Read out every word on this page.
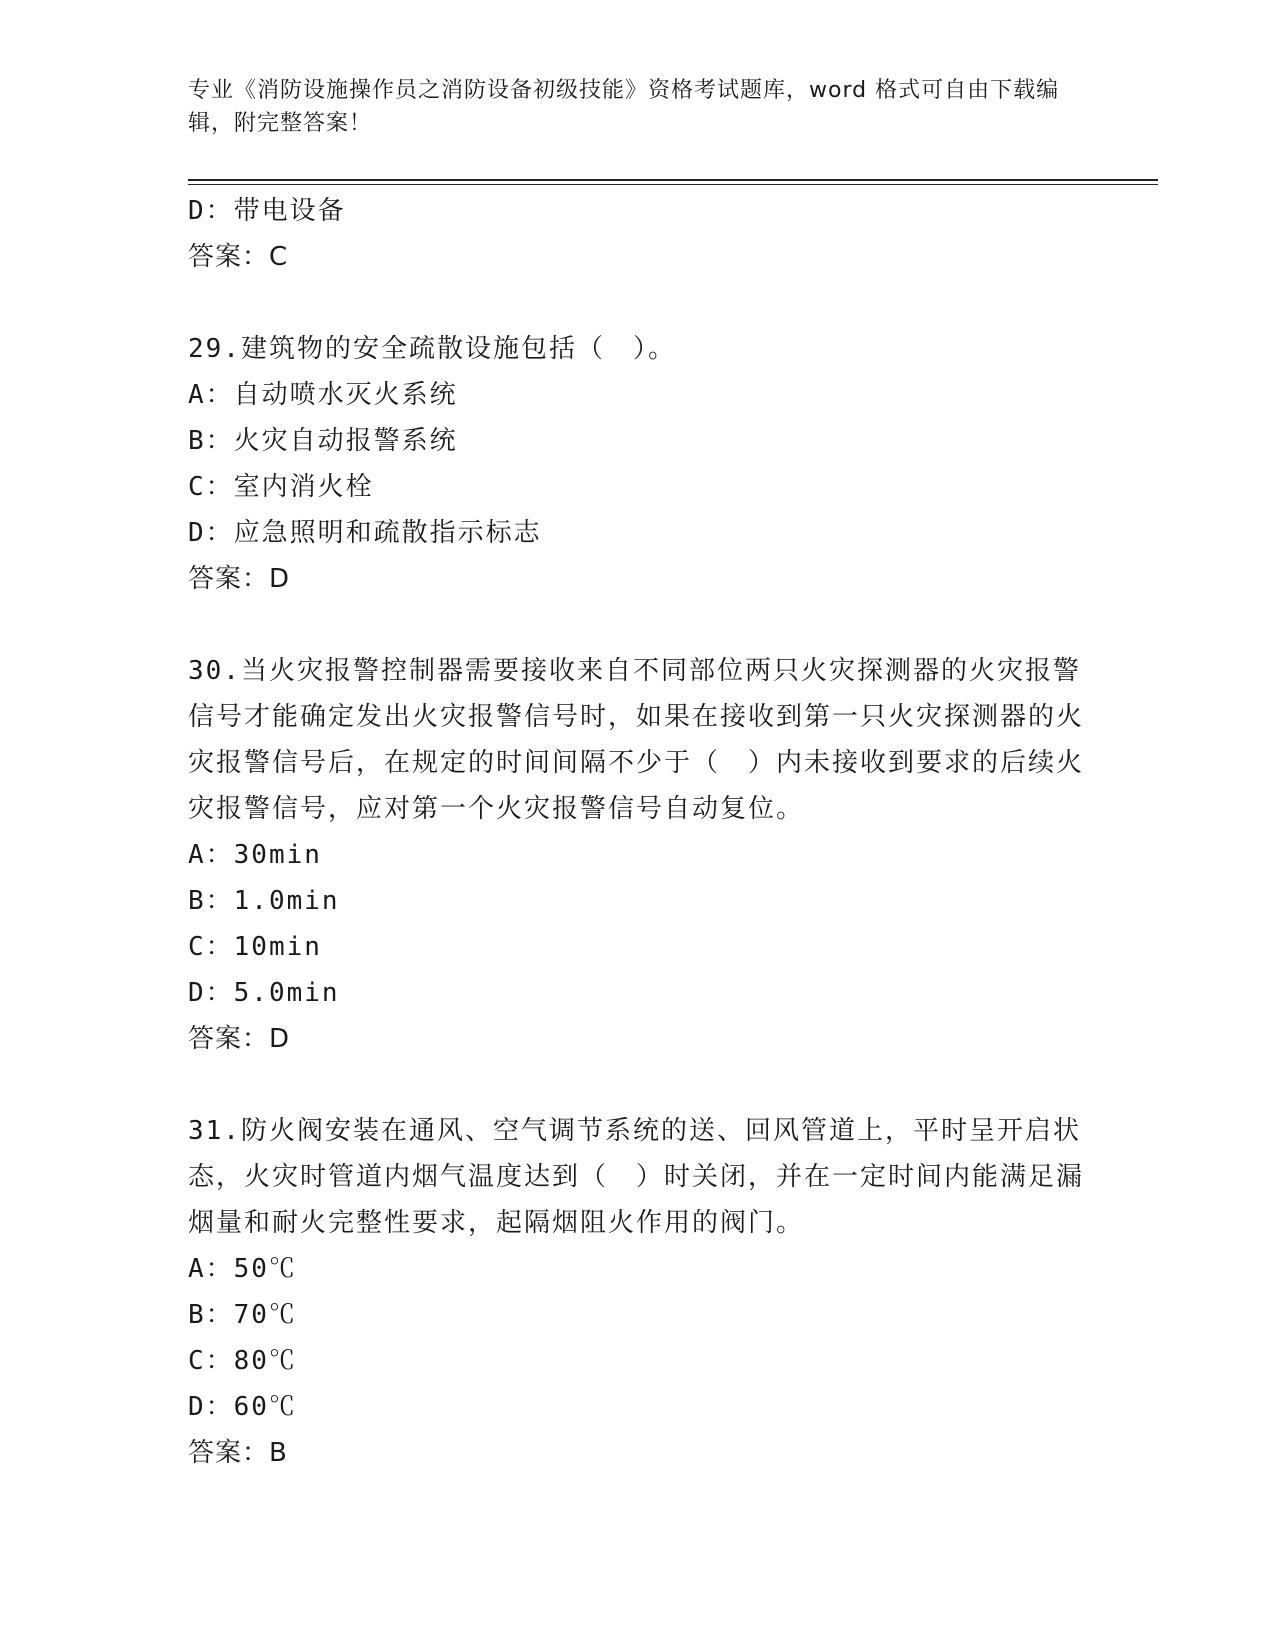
专业《消防设施操作员之消防设备初级技能》资格考试题库，word 格式可自由下载编辑，附完整答案！
D：带电设备
答案：C
29.建筑物的安全疏散设施包括（　）。
A：自动喷水灭火系统
B：火灾自动报警系统
C：室内消火栓
D：应急照明和疏散指示标志
答案：D
30.当火灾报警控制器需要接收来自不同部位两只火灾探测器的火灾报警信号才能确定发出火灾报警信号时，如果在接收到第一只火灾探测器的火灾报警信号后，在规定的时间间隔不少于（　）内未接收到要求的后续火灾报警信号，应对第一个火灾报警信号自动复位。
A：30min
B：1.0min
C：10min
D：5.0min
答案：D
31.防火阀安装在通风、空气调节系统的送、回风管道上，平时呈开启状态，火灾时管道内烟气温度达到（　）时关闭，并在一定时间内能满足漏烟量和耐火完整性要求，起隔烟阻火作用的阀门。
A：50℃
B：70℃
C：80℃
D：60℃
答案：B
